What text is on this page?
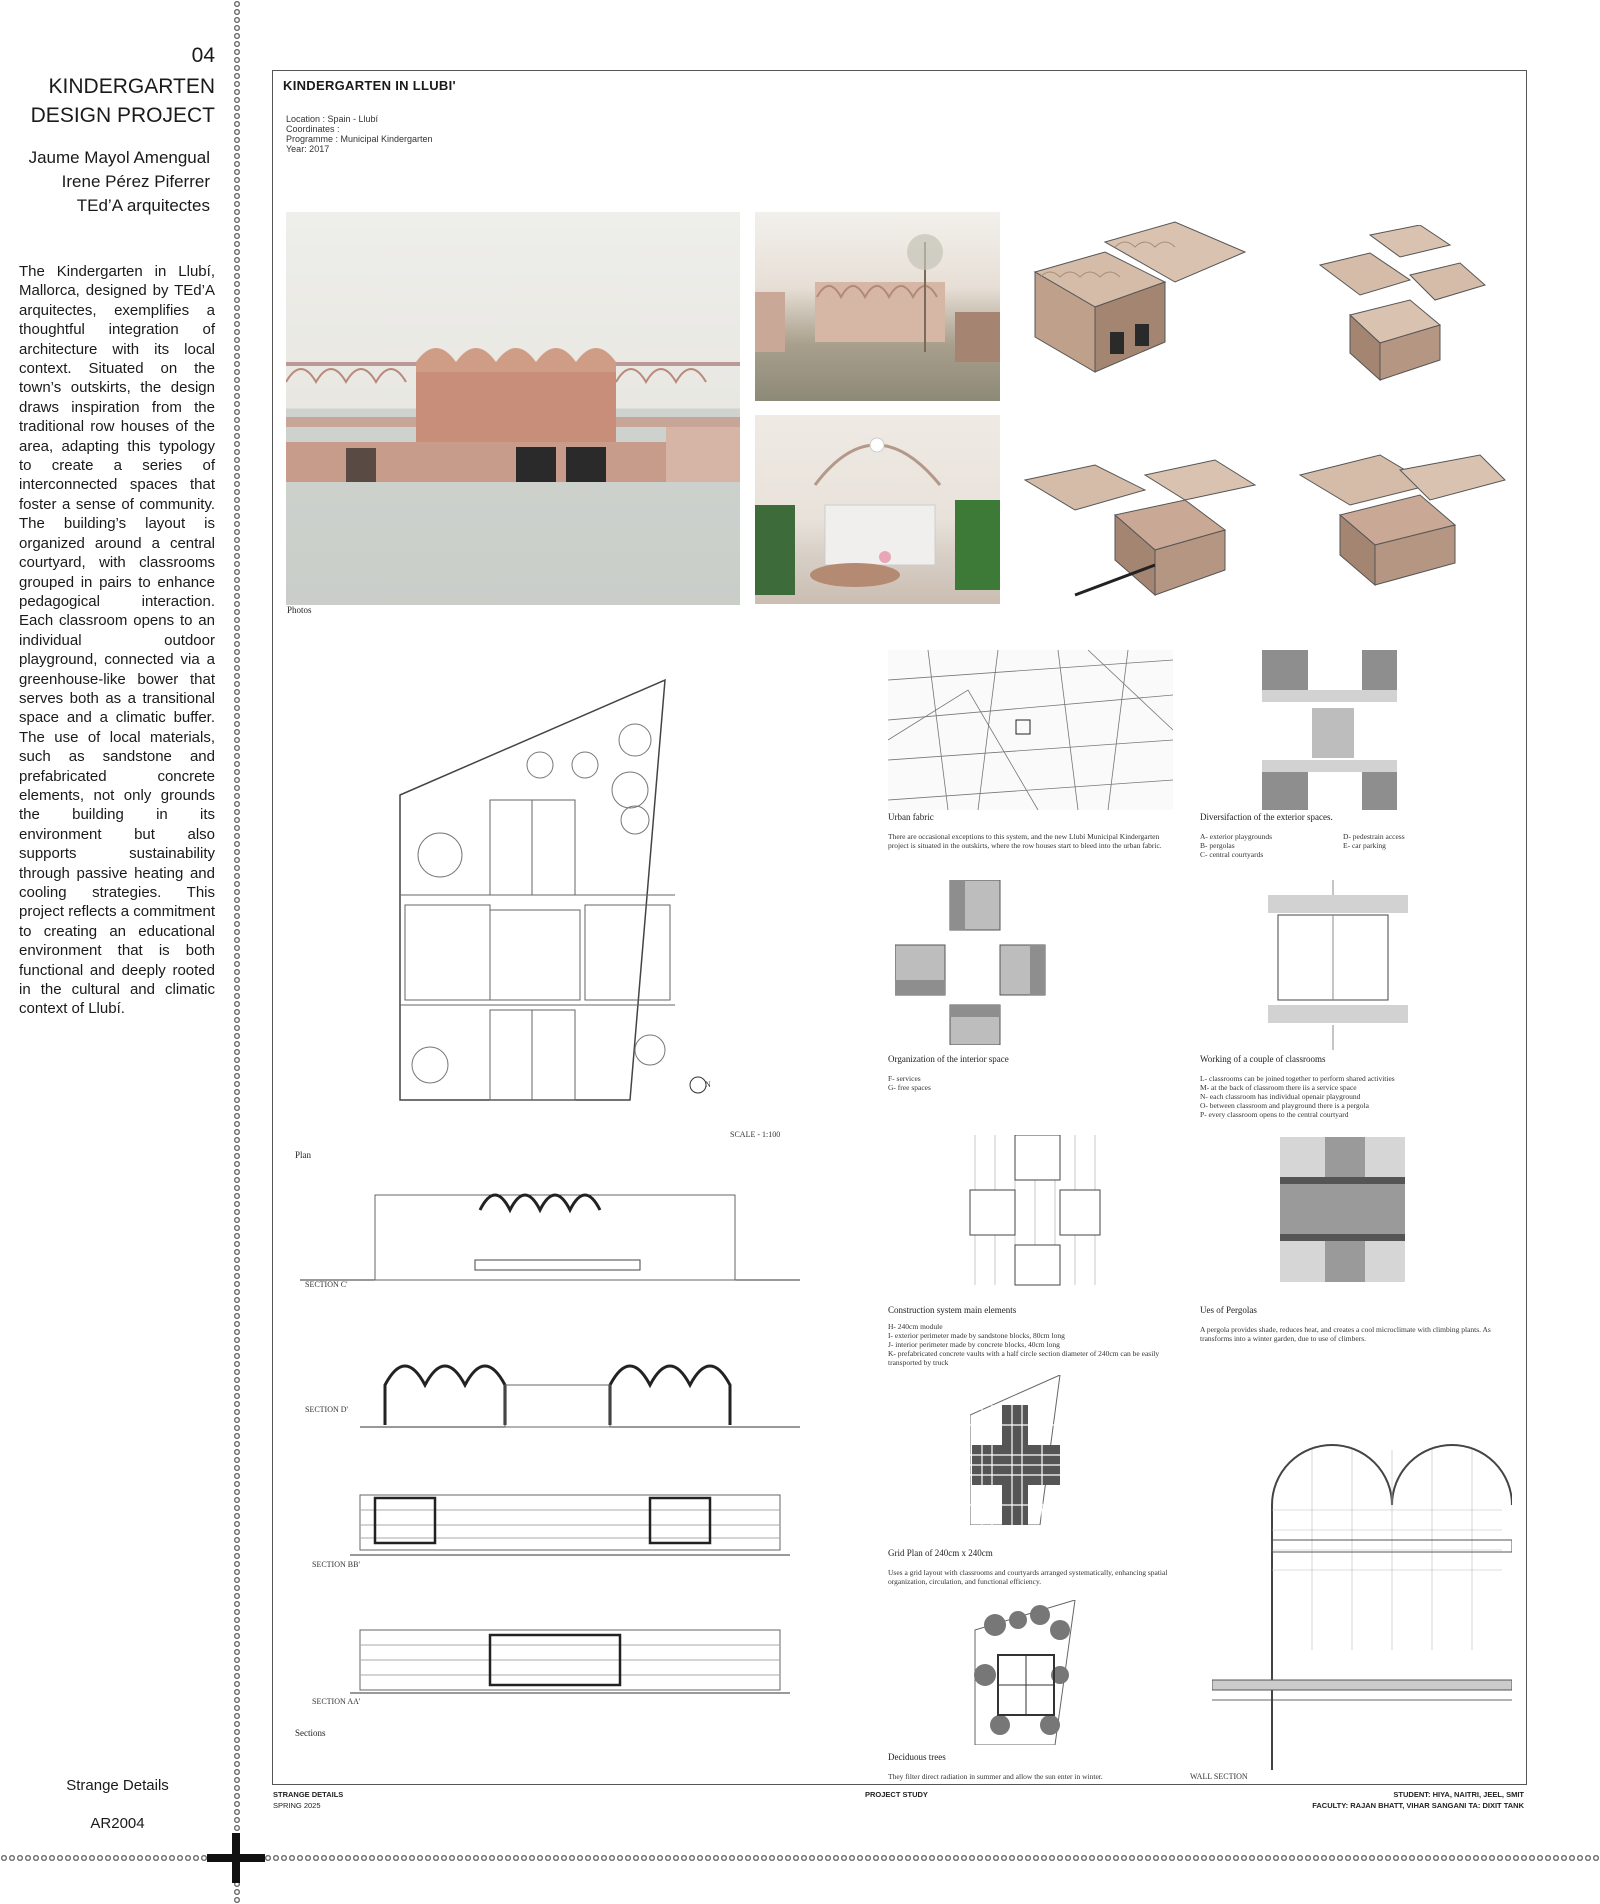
04
KINDERGARTEN
DESIGN PROJECT
Jaume Mayol Amengual
Irene Pérez Piferrer
TEd’A arquitectes
The Kindergarten in Llubí, Mallorca, designed by TEd’A arquitectes, exemplifies a thoughtful integration of architecture with its local context. Situated on the town’s outskirts, the design draws inspiration from the traditional row houses of the area, adapting this typology to create a series of interconnected spaces that foster a sense of community. The building’s layout is organized around a central courtyard, with classrooms grouped in pairs to enhance pedagogical interaction. Each classroom opens to an individual outdoor playground, connected via a greenhouse-like bower that serves both as a transitional space and a climatic buffer. The use of local materials, such as sandstone and prefabricated concrete elements, not only grounds the building in its environment but also supports sustainability through passive heating and cooling strategies. This project reflects a commitment to creating an educational environment that is both functional and deeply rooted in the cultural and climatic context of Llubí.
Strange Details
AR2004
KINDERGARTEN IN LLUBI'
Location : Spain - Llubí
Coordinates :
Programme : Municipal Kindergarten
Year: 2017
Photos
N
SCALE - 1:100
Plan
SECTION C'
SECTION D'
SECTION BB'
SECTION AA'
Sections
Urban fabric
There are occasional exceptions to this system, and the new Llubí Municipal Kindergarten project is situated in the outskirts, where the row houses start to bleed into the urban fabric.
Diversifaction of the exterior spaces.
A- exterior playgrounds
B- pergolas
C- central courtyards
D- pedestrain access
E- car parking
Organization of the interior space
F- services
G- free spaces
Working of a couple of classrooms
L- classrooms can be joined together to perform shared activities
M- at the back of classroom there iis a service space
N- each classroom has individual openair playground
O- between classroom and playground there is a pergola
P- every classroom opens to the central courtyard
Construction system main elements
H- 240cm module
I- exterior perimeter made by sandstone blocks, 80cm long
J- interior perimeter made by concrete blocks, 40cm long
K- prefabricated concrete vaults with a half circle section diameter of 240cm can be easily transported by truck
Ues of Pergolas
A pergola provides shade, reduces heat, and creates a cool microclimate with climbing plants. As transforms into a winter garden, due to use of climbers.
Grid Plan of 240cm x 240cm
Uses a grid layout with classrooms and courtyards arranged systematically, enhancing spatial organization, circulation, and functional efficiency.
Deciduous trees
They filter direct radiation in summer and allow the sun enter in winter.	WALL SECTION
STRANGE DETAILS
SPRING 2025
PROJECT STUDY	STUDENT: HIYA, NAITRI, JEEL, SMIT
FACULTY: RAJAN BHATT, VIHAR SANGANI TA: DIXIT TANK
